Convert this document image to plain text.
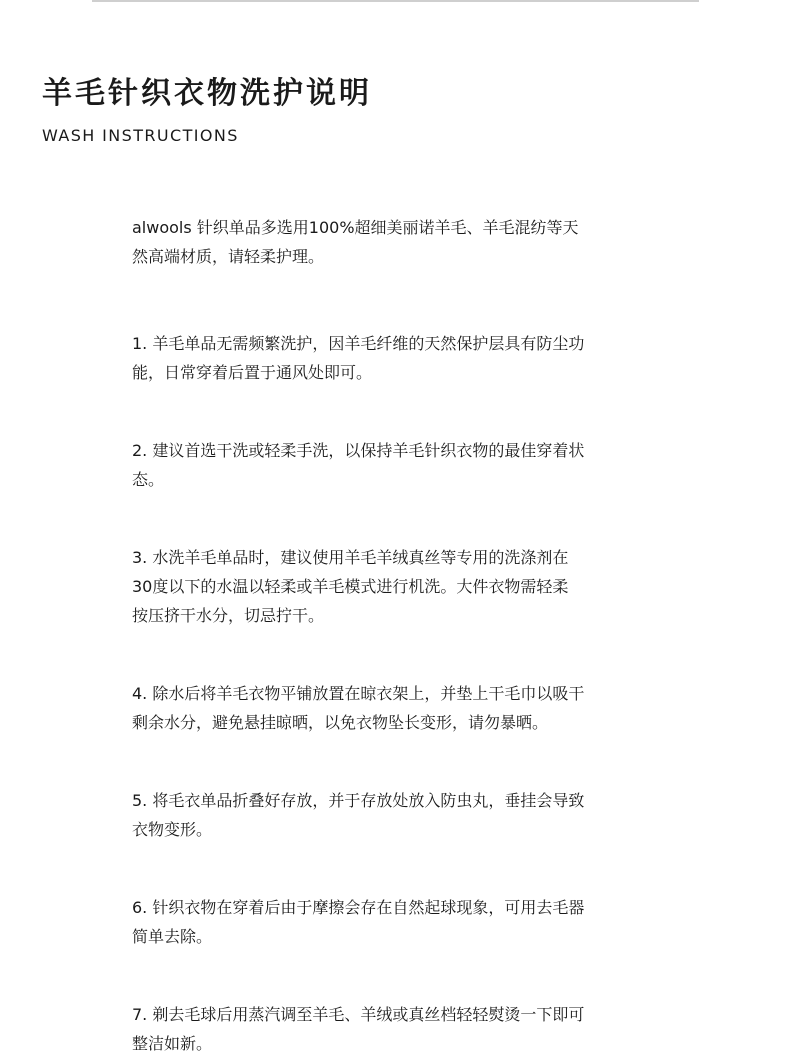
羊毛针织衣物洗护说明
WASH INSTRUCTIONS

alwools 针织单品多选用100%超细美丽诺羊毛、羊毛混纺等天
然高端材质，请轻柔护理。

1. 羊毛单品无需频繁洗护，因羊毛纤维的天然保护层具有防尘功
能，日常穿着后置于通风处即可。

2. 建议首选干洗或轻柔手洗，以保持羊毛针织衣物的最佳穿着状
态。

3. 水洗羊毛单品时，建议使用羊毛羊绒真丝等专用的洗涤剂在
30度以下的水温以轻柔或羊毛模式进行机洗。大件衣物需轻柔
按压挤干水分，切忌拧干。

4. 除水后将羊毛衣物平铺放置在晾衣架上，并垫上干毛巾以吸干
剩余水分，避免悬挂晾晒，以免衣物坠长变形，请勿暴晒。

5. 将毛衣单品折叠好存放，并于存放处放入防虫丸，垂挂会导致
衣物变形。

6. 针织衣物在穿着后由于摩擦会存在自然起球现象，可用去毛器
简单去除。

7. 剃去毛球后用蒸汽调至羊毛、羊绒或真丝档轻轻熨烫一下即可
整洁如新。
